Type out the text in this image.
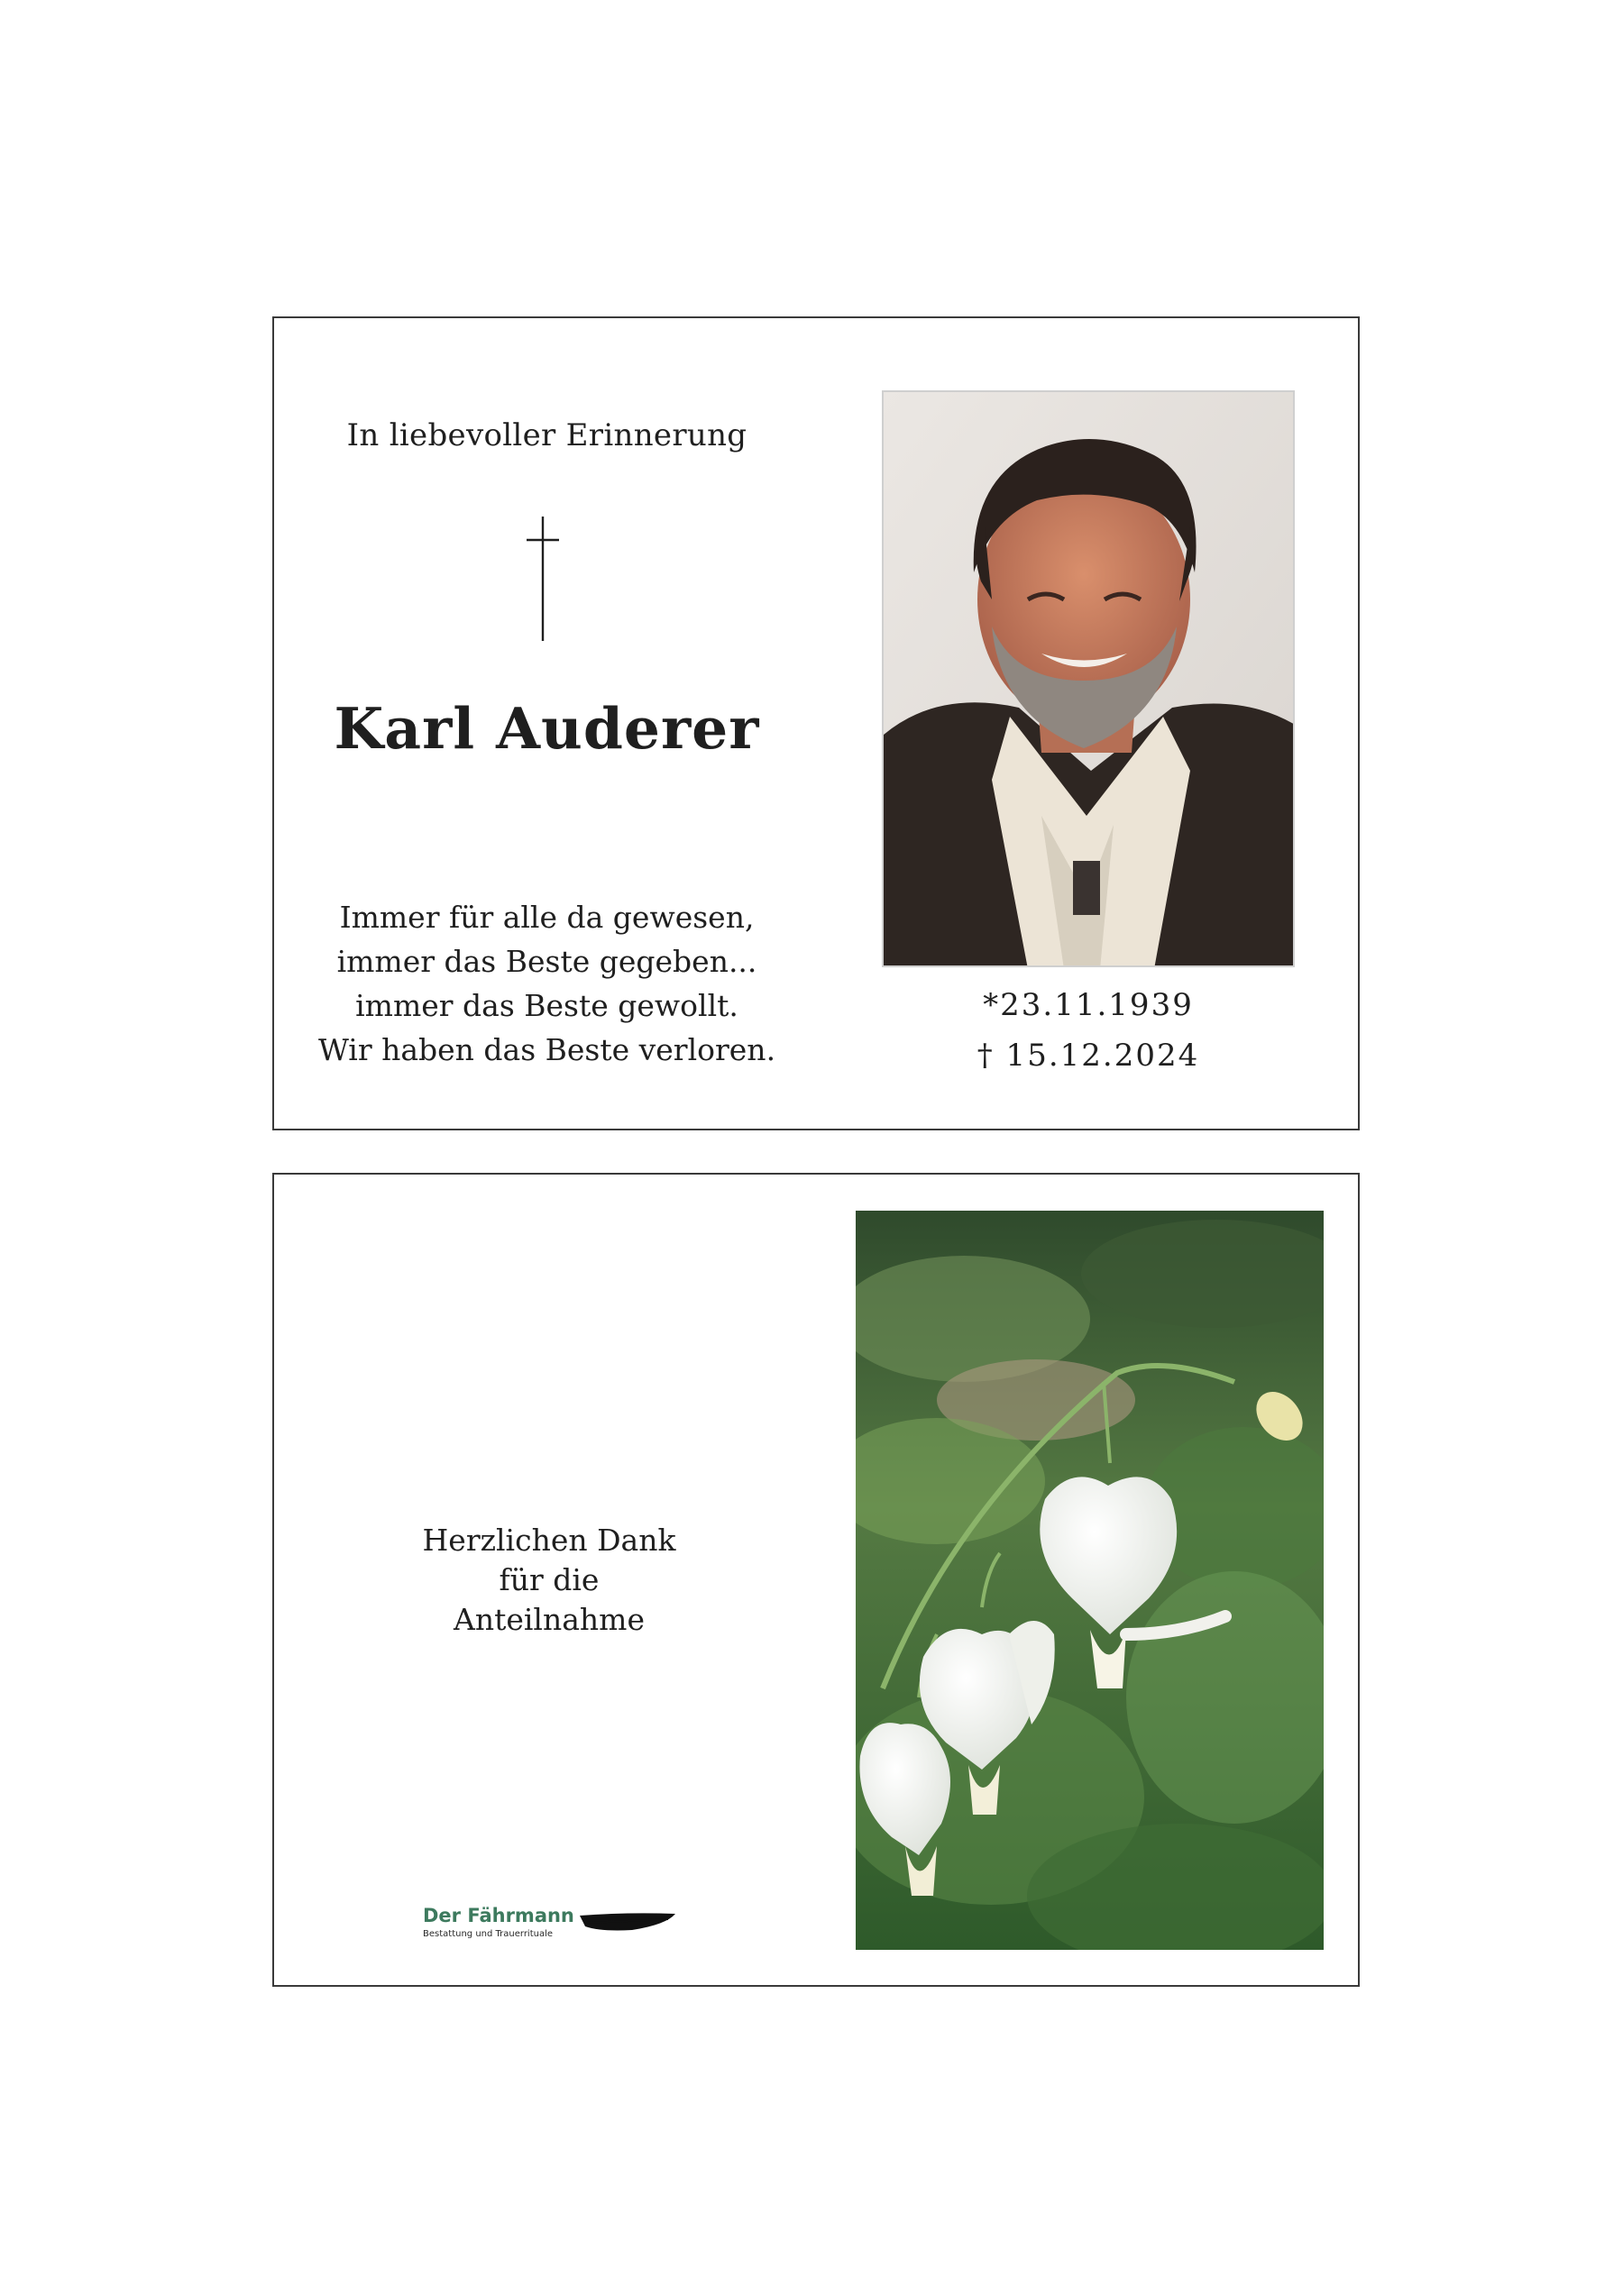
In liebevoller Erinnerung
Karl Auderer
Immer für alle da gewesen,
immer das Beste gegeben...
immer das Beste gewollt.
Wir haben das Beste verloren.
*23.11.1939
† 15.12.2024
Herzlichen Dank
für die
Anteilnahme
Der Fährmann
Bestattung und Trauerrituale
